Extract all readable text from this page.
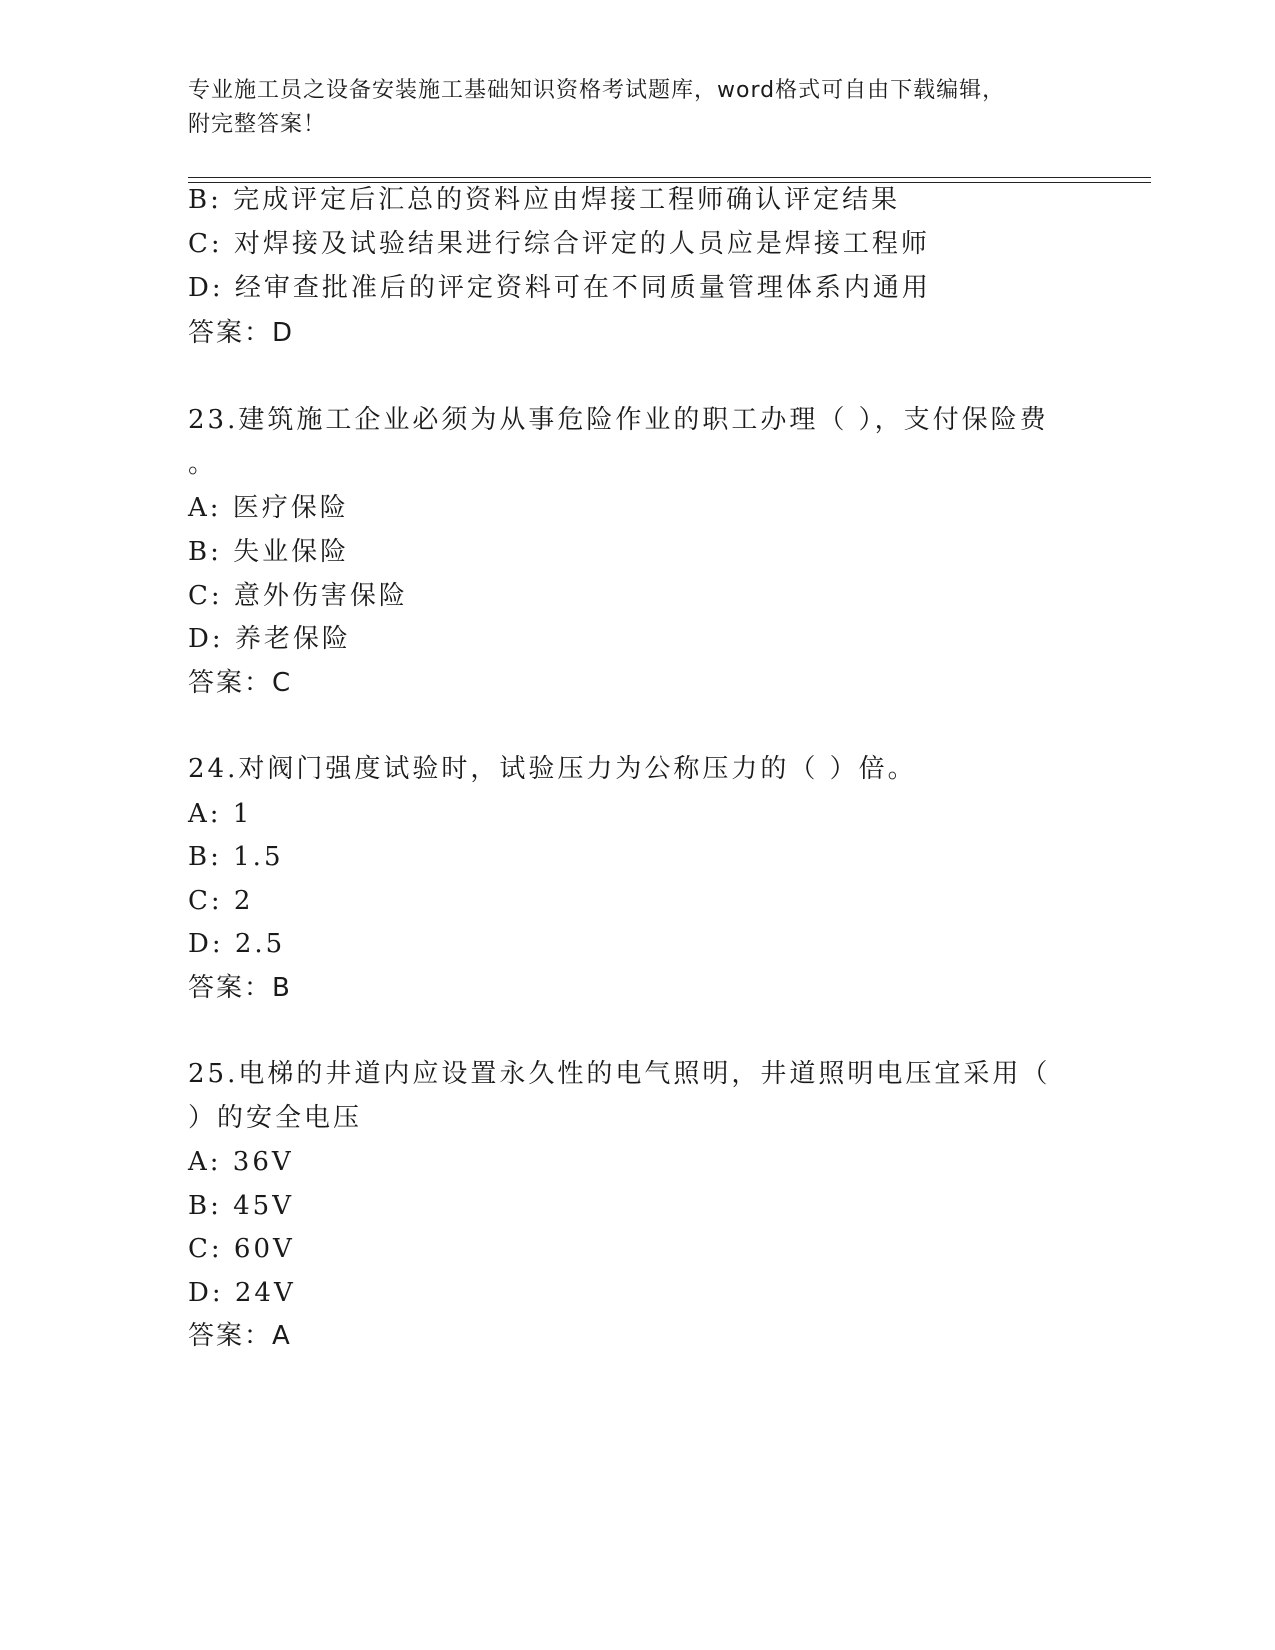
专业施工员之设备安装施工基础知识资格考试题库，word格式可自由下载编辑，
附完整答案！
B: 完成评定后汇总的资料应由焊接工程师确认评定结果
C: 对焊接及试验结果进行综合评定的人员应是焊接工程师
D: 经审查批准后的评定资料可在不同质量管理体系内通用
答案：D
23.建筑施工企业必须为从事危险作业的职工办理（ ），支付保险费
。
A: 医疗保险
B: 失业保险
C: 意外伤害保险
D: 养老保险
答案：C
24.对阀门强度试验时，试验压力为公称压力的（ ）倍。
A: 1
B: 1.5
C: 2
D: 2.5
答案：B
25.电梯的井道内应设置永久性的电气照明，井道照明电压宜采用（
）的安全电压
A: 36V
B: 45V
C: 60V
D: 24V
答案：A
